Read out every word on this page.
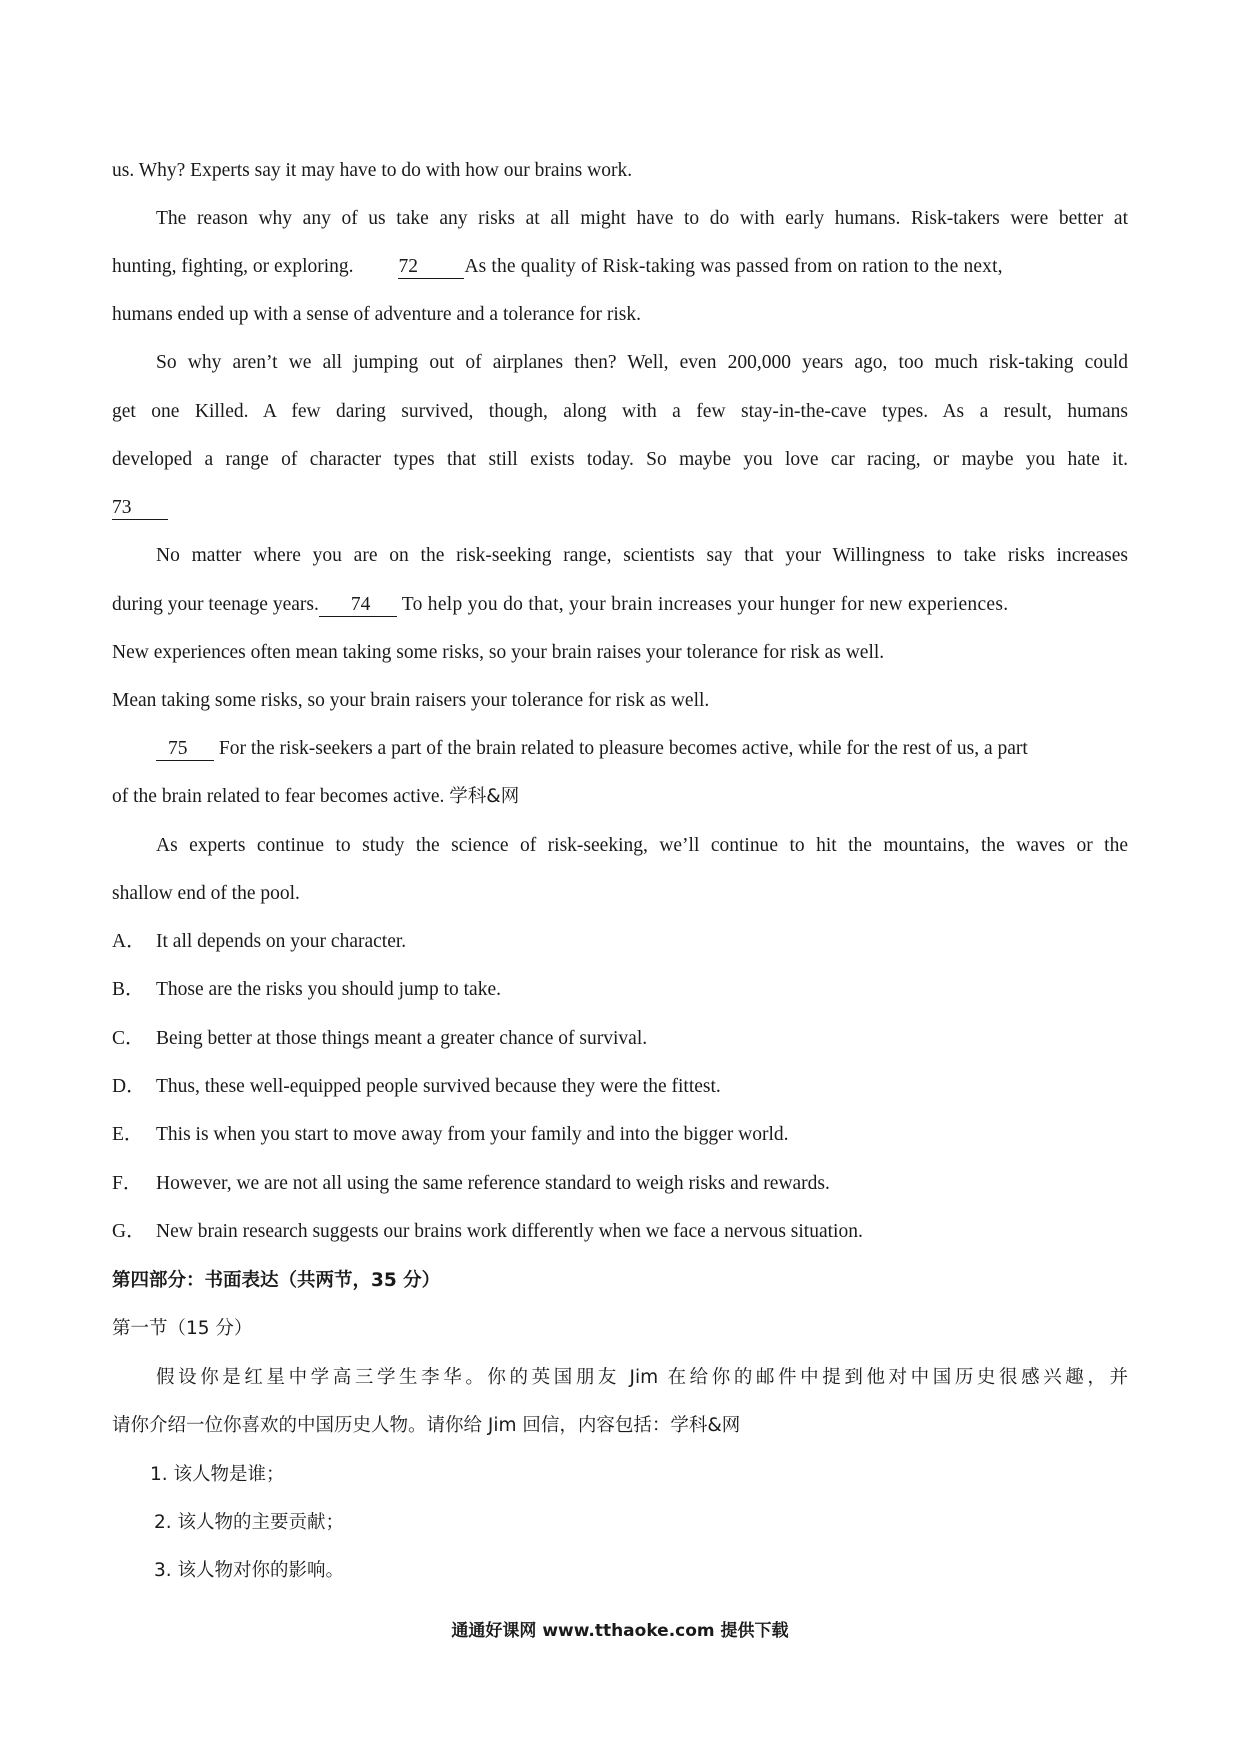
us. Why? Experts say it may have to do with how our brains work.
The reason why any of us take any risks at all might have to do with early humans. Risk-takers were better at
hunting, fighting, or exploring. 72 As the quality of Risk-taking was passed from on ration to the next,
humans ended up with a sense of adventure and a tolerance for risk.
So why aren’t we all jumping out of airplanes then? Well, even 200,000 years ago, too much risk-taking could
get one Killed. A few daring survived, though, along with a few stay-in-the-cave types. As a result, humans
developed a range of character types that still exists today. So maybe you love car racing, or maybe you hate it.
73
No matter where you are on the risk-seeking range, scientists say that your Willingness to take risks increases
during your teenage years. 74 To help you do that, your brain increases your hunger for new experiences.
New experiences often mean taking some risks, so your brain raises your tolerance for risk as well.
Mean taking some risks, so your brain raisers your tolerance for risk as well.
75 For the risk-seekers a part of the brain related to pleasure becomes active, while for the rest of us, a part
of the brain related to fear becomes active. 学科&网
As experts continue to study the science of risk-seeking, we’ll continue to hit the mountains, the waves or the
shallow end of the pool.
A． It all depends on your character.
B． Those are the risks you should jump to take.
C． Being better at those things meant a greater chance of survival.
D． Thus, these well-equipped people survived because they were the fittest.
E． This is when you start to move away from your family and into the bigger world.
F． However, we are not all using the same reference standard to weigh risks and rewards.
G． New brain research suggests our brains work differently when we face a nervous situation.
第四部分：书面表达（共两节，35 分）
第一节（15 分）
假设你是红星中学高三学生李华。你的英国朋友 Jim 在给你的邮件中提到他对中国历史很感兴趣，并
请你介绍一位你喜欢的中国历史人物。请你给 Jim 回信，内容包括：学科&网
1. 该人物是谁；
2. 该人物的主要贡献；
3. 该人物对你的影响。
通通好课网 www.tthaoke.com 提供下载
